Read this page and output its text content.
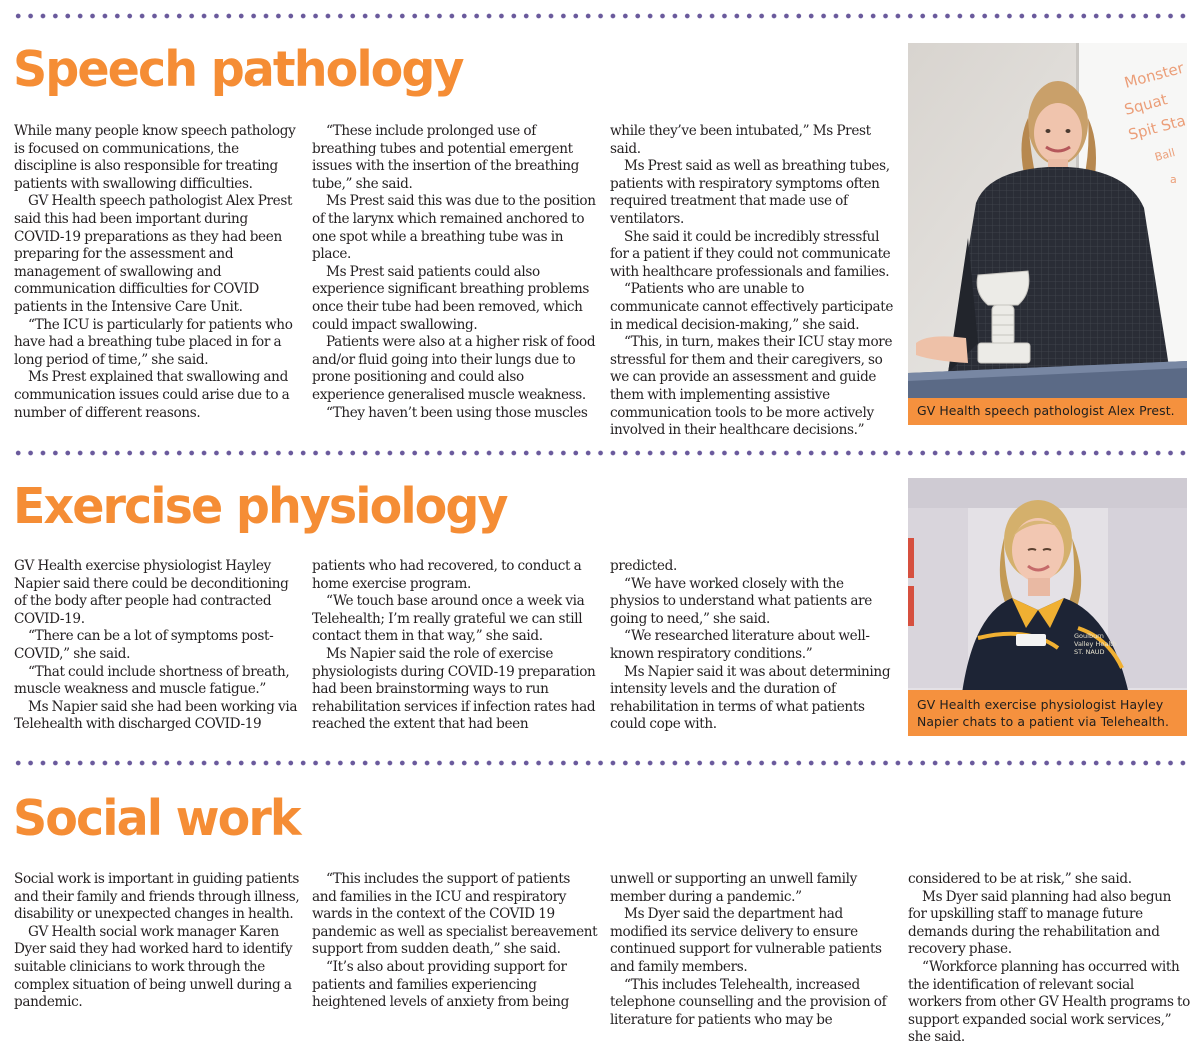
Speech pathology

While many people know speech pathology is focused on communications, the discipline is also responsible for treating patients with swallowing difficulties.

GV Health speech pathologist Alex Prest said this had been important during COVID-19 preparations as they had been preparing for the assessment and management of swallowing and communication difficulties for COVID patients in the Intensive Care Unit.

“The ICU is particularly for patients who have had a breathing tube placed in for a long period of time,” she said.

Ms Prest explained that swallowing and communication issues could arise due to a number of different reasons.

“These include prolonged use of breathing tubes and potential emergent issues with the insertion of the breathing tube,” she said.

Ms Prest said this was due to the position of the larynx which remained anchored to one spot while a breathing tube was in place.

Ms Prest said patients could also experience significant breathing problems once their tube had been removed, which could impact swallowing.

Patients were also at a higher risk of food and/or fluid going into their lungs due to prone positioning and could also experience generalised muscle weakness.

“They haven’t been using those muscles

while they’ve been intubated,” Ms Prest said.

Ms Prest said as well as breathing tubes, patients with respiratory symptoms often required treatment that made use of ventilators.

She said it could be incredibly stressful for a patient if they could not communicate with healthcare professionals and families.

“Patients who are unable to communicate cannot effectively participate in medical decision-making,” she said.

“This, in turn, makes their ICU stay more stressful for them and their caregivers, so we can provide an assessment and guide them with implementing assistive communication tools to be more actively involved in their healthcare decisions.”

Monster
Squat
Spit Sta
Ball
a
GV Health speech pathologist Alex Prest.
Exercise physiology

GV Health exercise physiologist Hayley Napier said there could be deconditioning of the body after people had contracted COVID-19.

“There can be a lot of symptoms post-COVID,” she said.

“That could include shortness of breath, muscle weakness and muscle fatigue.”

Ms Napier said she had been working via Telehealth with discharged COVID-19

patients who had recovered, to conduct a home exercise program.

“We touch base around once a week via Telehealth; I’m really grateful we can still contact them in that way,” she said.

Ms Napier said the role of exercise physiologists during COVID-19 preparation had been brainstorming ways to run rehabilitation services if infection rates had reached the extent that had been

predicted.

“We have worked closely with the physios to understand what patients are going to need,” she said.

“We researched literature about well-known respiratory conditions.”

Ms Napier said it was about determining intensity levels and the duration of rehabilitation in terms of what patients could cope with.

Goulburn
Valley Health
ST. NAUD
GV Health exercise physiologist Hayley Napier chats to a patient via Telehealth.
Social work

Social work is important in guiding patients and their family and friends through illness, disability or unexpected changes in health.

GV Health social work manager Karen Dyer said they had worked hard to identify suitable clinicians to work through the complex situation of being unwell during a pandemic.

“This includes the support of patients and families in the ICU and respiratory wards in the context of the COVID 19 pandemic as well as specialist bereavement support from sudden death,” she said.

“It’s also about providing support for patients and families experiencing heightened levels of anxiety from being

unwell or supporting an unwell family member during a pandemic.”

Ms Dyer said the department had modified its service delivery to ensure continued support for vulnerable patients and family members.

“This includes Telehealth, increased telephone counselling and the provision of literature for patients who may be

considered to be at risk,” she said.

Ms Dyer said planning had also begun for upskilling staff to manage future demands during the rehabilitation and recovery phase.

“Workforce planning has occurred with the identification of relevant social workers from other GV Health programs to support expanded social work services,” she said.
